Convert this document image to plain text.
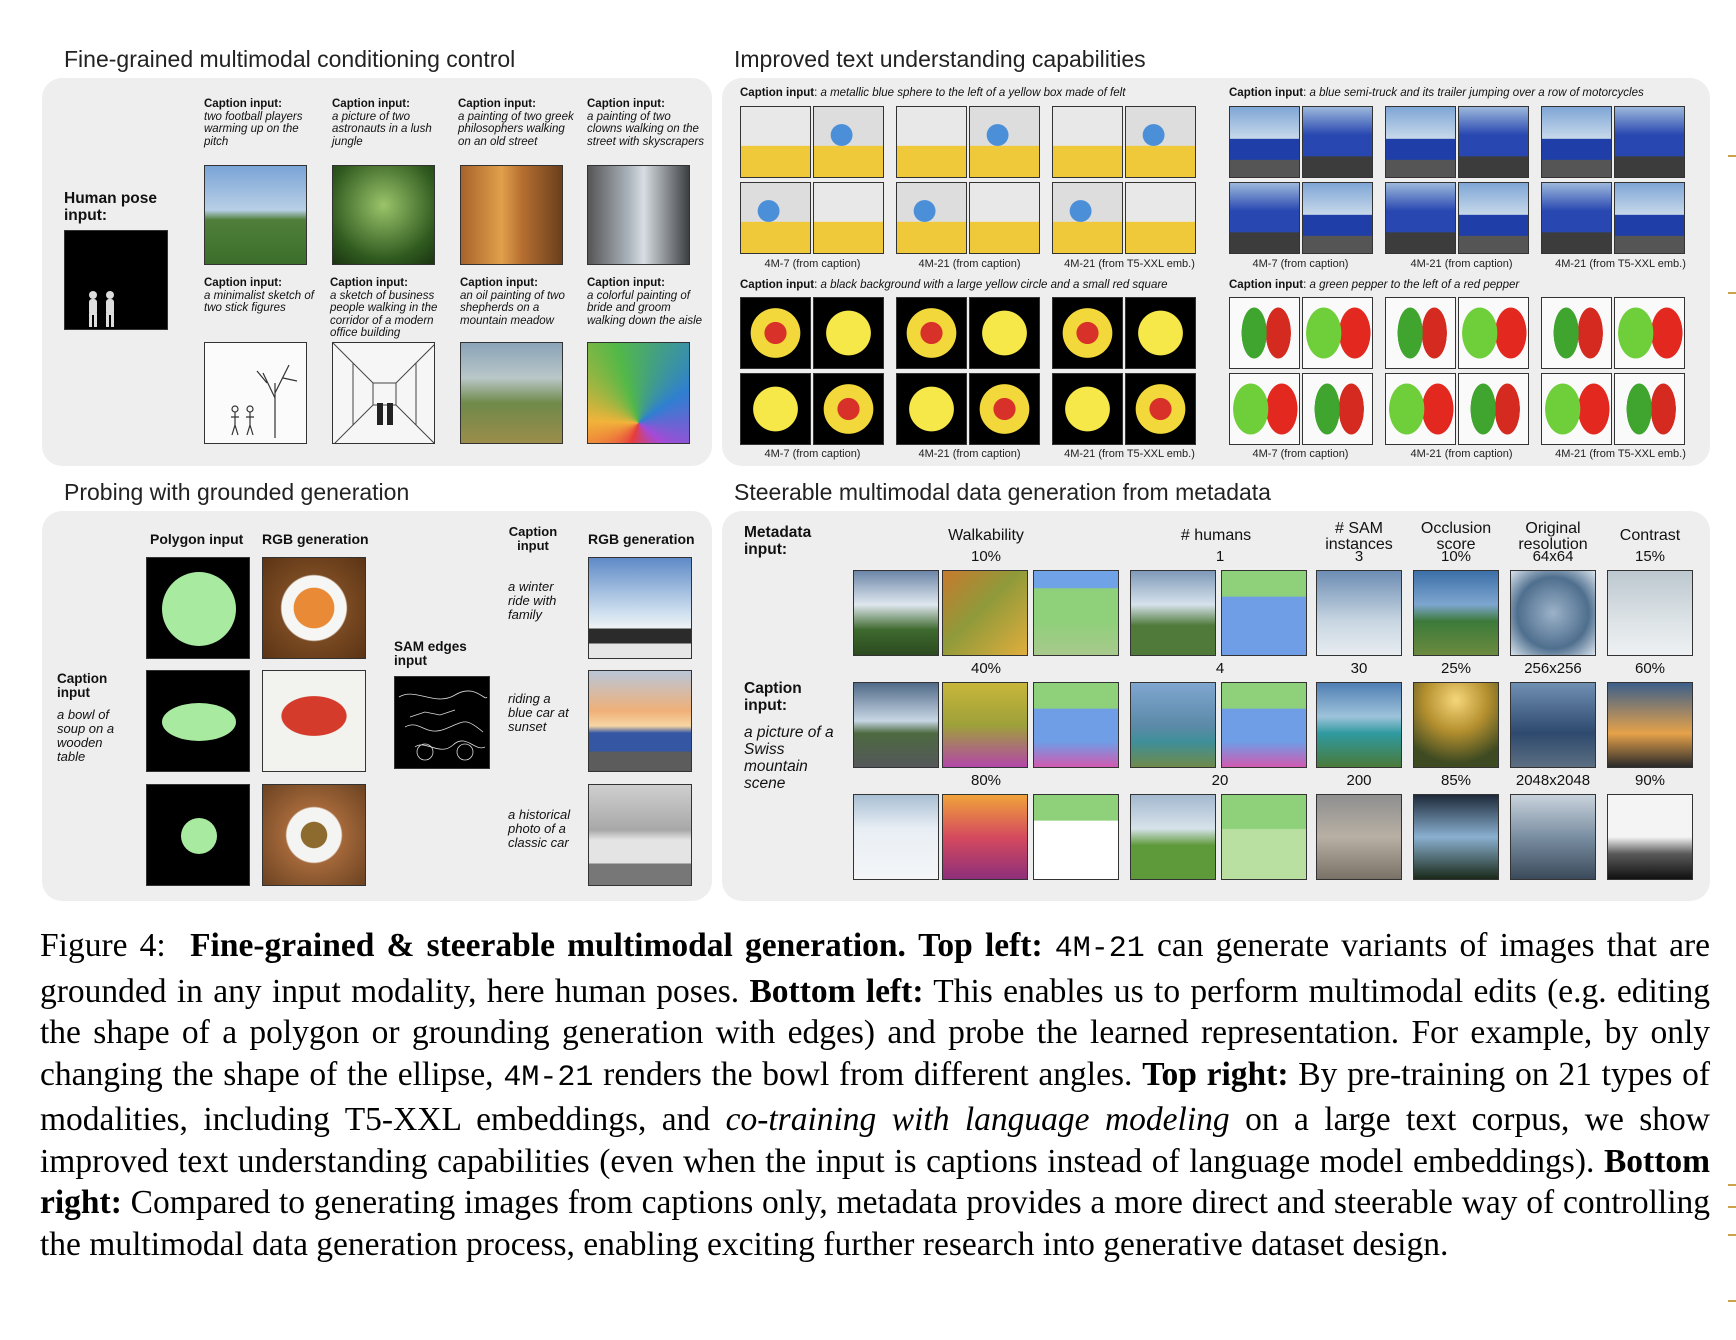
Fine-grained multimodal conditioning control	Improved text understanding capabilities
Probing with grounded generation	Steerable multimodal data generation from metadata
Human pose input:
Caption input:
two football players warming up on the pitch
Caption input:
a picture of two astronauts in a lush jungle
Caption input:
a painting of two greek philosophers walking on an old street
Caption input:
a painting of two clowns walking on the street with skyscrapers
Caption input:
a minimalist sketch of two stick figures
Caption input:
a sketch of business people walking in the corridor of a modern office building
Caption input:
an oil painting of two shepherds on a mountain meadow
Caption input:
a colorful painting of bride and groom walking down the aisle
Caption input: a metallic blue sphere to the left of a yellow box made of felt	Caption input: a blue semi-truck and its trailer jumping over a row of motorcycles
Caption input: a black background with a large yellow circle and a small red square	Caption input: a green pepper to the left of a red pepper
4M-7 (from caption)	4M-21 (from caption)	4M-21 (from T5-XXL emb.)	4M-7 (from caption)	4M-21 (from caption)	4M-21 (from T5-XXL emb.)
4M-7 (from caption)	4M-21 (from caption)	4M-21 (from T5-XXL emb.)	4M-7 (from caption)	4M-21 (from caption)	4M-21 (from T5-XXL emb.)
Polygon input	RGB generation	Caption input	RGB generation
Caption input
a bowl of soup on a wooden table
SAM edges input
a winter ride with family
riding a blue car at sunset
a historical photo of a classic car
Metadata input:
Caption input:
a picture of a Swiss mountain scene
Walkability	# humans	# SAM instances
Occlusion score
Original resolution
Contrast
10%	1	3	10%	64x64	15%
40%	4	30	25%	256x256	60%
80%	20	200	85%	2048x2048	90%
Figure 4: Fine-grained & steerable multimodal generation. Top left: 4M-21 can generate variants of images that are grounded in any input modality, here human poses. Bottom left: This enables us to perform multimodal edits (e.g. editing the shape of a polygon or grounding generation with edges) and probe the learned representation. For example, by only changing the shape of the ellipse, 4M-21 renders the bowl from different angles. Top right: By pre-training on 21 types of modalities, including T5-XXL embeddings, and co-training with language modeling on a large text corpus, we show improved text understanding capabilities (even when the input is captions instead of language model embeddings). Bottom right: Compared to generating images from captions only, metadata provides a more direct and steerable way of controlling the multimodal data generation process, enabling exciting further research into generative dataset design.
